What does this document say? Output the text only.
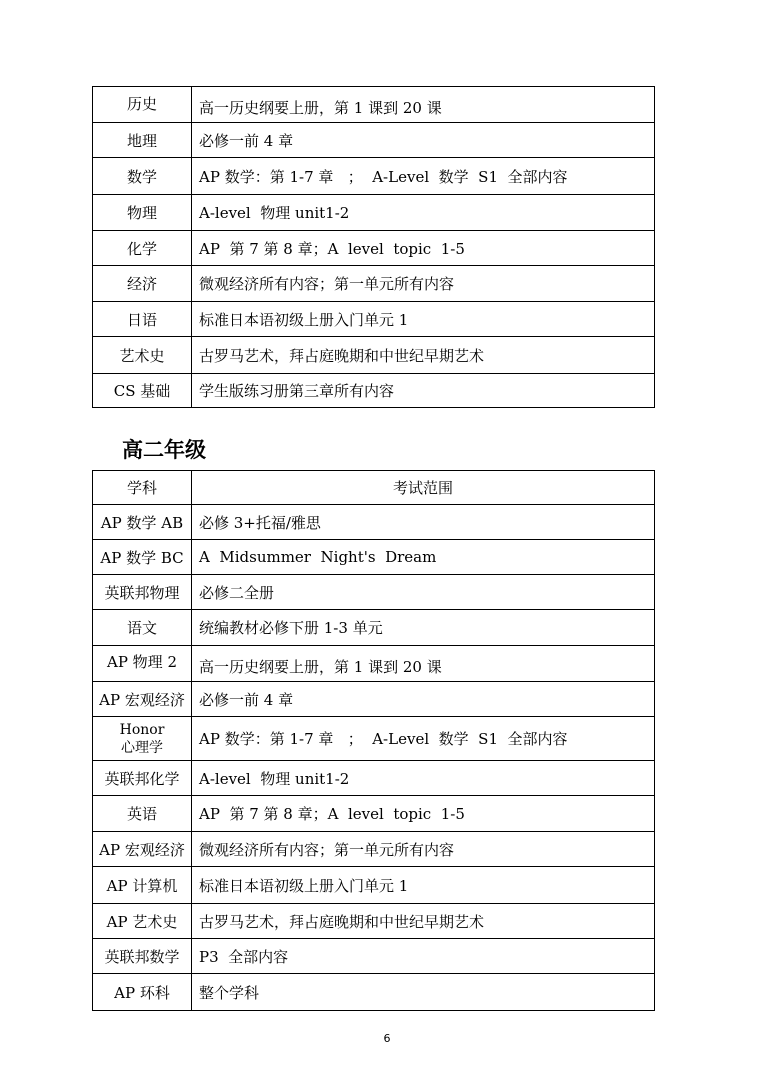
历史	高一历史纲要上册，第 1 课到 20 课
地理	必修一前 4 章
数学	AP 数学：第 1-7 章   ；  A-Level  数学  S1  全部内容
物理	A-level  物理 unit1-2
化学	AP  第 7 第 8 章；A  level  topic  1-5
经济	微观经济所有内容；第一单元所有内容
日语	标准日本语初级上册入门单元 1
艺术史	古罗马艺术，拜占庭晚期和中世纪早期艺术
CS 基础	学生版练习册第三章所有内容
高二年级
学科	考试范围
AP 数学 AB	必修 3+托福/雅思
AP 数学 BC	A  Midsummer  Night's  Dream
英联邦物理	必修二全册
语文	统编教材必修下册 1-3 单元
AP 物理 2	高一历史纲要上册，第 1 课到 20 课
AP 宏观经济	必修一前 4 章

Honor
心理学	AP 数学：第 1-7 章   ；  A-Level  数学  S1  全部内容
英联邦化学	A-level  物理 unit1-2
英语	AP  第 7 第 8 章；A  level  topic  1-5
AP 宏观经济	微观经济所有内容；第一单元所有内容
AP 计算机	标准日本语初级上册入门单元 1
AP 艺术史	古罗马艺术，拜占庭晚期和中世纪早期艺术
英联邦数学	P3  全部内容
AP 环科	整个学科
6
